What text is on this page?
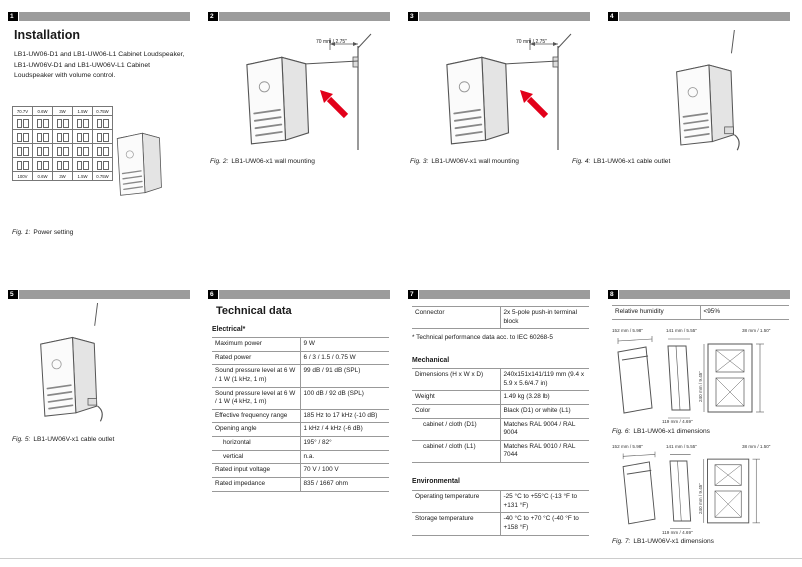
1	2	3	4
5	6	7	8
Installation
LB1-UW06-D1 and LB1-UW06-L1 Cabinet Loudspeaker, LB1-UW06V-D1 and LB1-UW06V-L1 Cabinet Loudspeaker with volume control.
70.7V	0.6W	3W	1.5W	0.75W
100V	0.6W	3W	1.5W	0.75W
Fig. 1: Power setting
70 mm / 2.75"
Fig. 2: LB1-UW06-x1 wall mounting
70 mm / 2.75"
Fig. 3: LB1-UW06V-x1 wall mounting	Fig. 4: LB1-UW06-x1 cable outlet
Fig. 5: LB1-UW06V-x1 cable outlet
Technical data
Electrical*
Maximum power	9 W
Rated power	6 / 3 / 1.5 / 0.75 W
Sound pressure level at 6 W / 1 W (1 kHz, 1 m)
99 dB / 91 dB (SPL)
Sound pressure level at 6 W / 1 W (4 kHz, 1 m)
100 dB / 92 dB (SPL)
Effective frequency range	185 Hz to 17 kHz (-10 dB)
Opening angle	1 kHz / 4 kHz (-6 dB)
horizontal	195° / 82°
vertical	n.a.
Rated input voltage	70 V / 100 V
Rated impedance	835 / 1667 ohm
Connector	2x 5-pole push-in terminal block
* Technical performance data acc. to IEC 60268-5
Mechanical
Dimensions (H x W x D)	240x151x141/119 mm (9.4 x 5.9 x 5.6/4.7 in)
Weight	1.49 kg (3.28 lb)
Color	Black (D1) or white (L1)
cabinet / cloth (D1)	Matches RAL 9004 / RAL 9004
cabinet / cloth (L1)	Matches RAL 9010 / RAL 7044
Environmental
Operating temperature	-25 °C to +55°C (-13 °F to +131 °F)
Storage temperature	-40 °C to +70 °C (-40 °F to +158 °F)
Relative humidity	<95%
152 mm / 5.98"	141 mm / 5.55"	38 mm / 1.50"
240 mm / 9.45"
119 mm / 4.69"
Fig. 6: LB1-UW06-x1 dimensions
152 mm / 5.98"	141 mm / 5.55"	38 mm / 1.50"
240 mm / 9.45"
119 mm / 4.69"
Fig. 7: LB1-UW06V-x1 dimensions
